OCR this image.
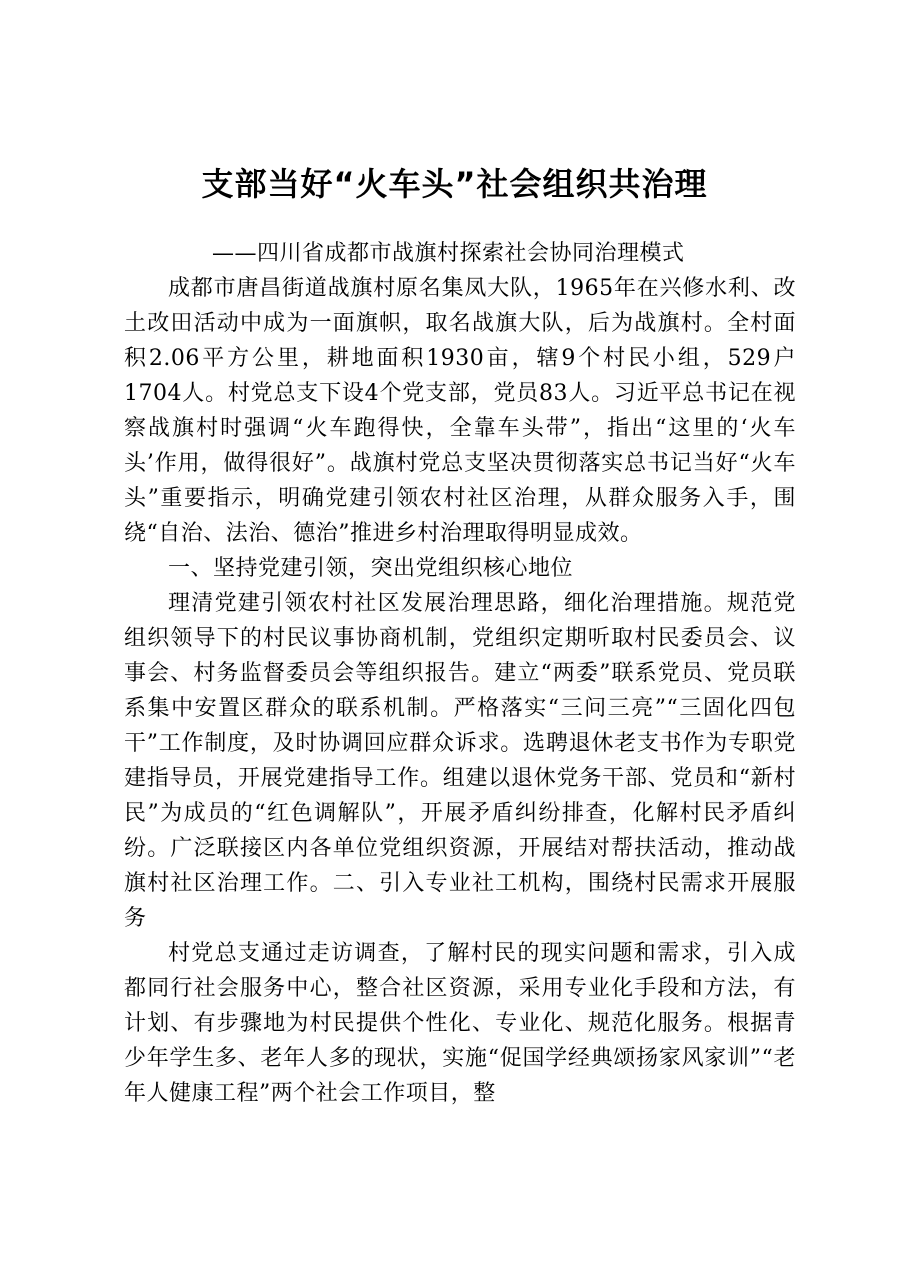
支部当好“火车头”社会组织共治理

——四川省成都市战旗村探索社会协同治理模式

成都市唐昌街道战旗村原名集凤大队，1965年在兴修水利、改土改田活动中成为一面旗帜，取名战旗大队，后为战旗村。全村面积2.06平方公里，耕地面积1930亩，辖9个村民小组，529户1704人。村党总支下设4个党支部，党员83人。习近平总书记在视察战旗村时强调“火车跑得快，全靠车头带”，指出“这里的‘火车头’作用，做得很好”。战旗村党总支坚决贯彻落实总书记当好“火车头”重要指示，明确党建引领农村社区治理，从群众服务入手，围绕“自治、法治、德治”推进乡村治理取得明显成效。

一、坚持党建引领，突出党组织核心地位

理清党建引领农村社区发展治理思路，细化治理措施。规范党组织领导下的村民议事协商机制，党组织定期听取村民委员会、议事会、村务监督委员会等组织报告。建立“两委”联系党员、党员联系集中安置区群众的联系机制。严格落实“三问三亮”“三固化四包干”工作制度，及时协调回应群众诉求。选聘退休老支书作为专职党建指导员，开展党建指导工作。组建以退休党务干部、党员和“新村民”为成员的“红色调解队”，开展矛盾纠纷排查，化解村民矛盾纠纷。广泛联接区内各单位党组织资源，开展结对帮扶活动，推动战旗村社区治理工作。二、引入专业社工机构，围绕村民需求开展服务

村党总支通过走访调查，了解村民的现实问题和需求，引入成都同行社会服务中心，整合社区资源，采用专业化手段和方法，有计划、有步骤地为村民提供个性化、专业化、规范化服务。根据青少年学生多、老年人多的现状，实施“促国学经典颂扬家风家训”“老年人健康工程”两个社会工作项目，整
